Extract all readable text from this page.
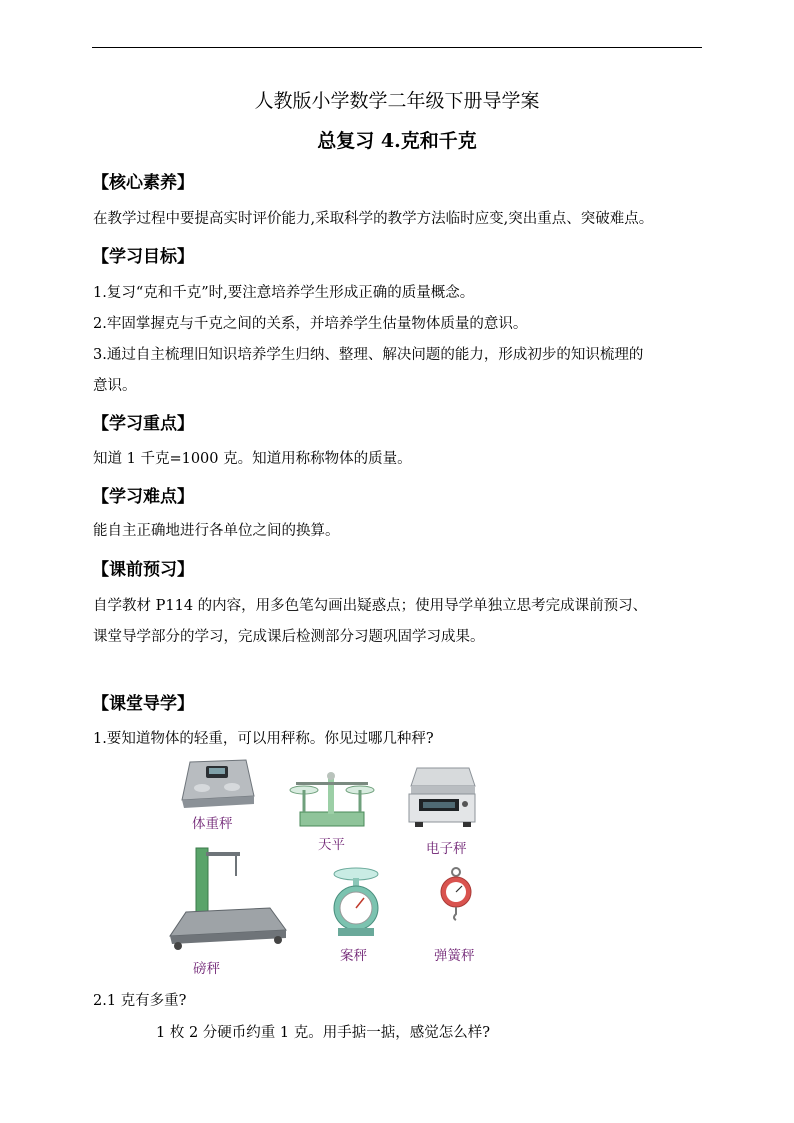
人教版小学数学二年级下册导学案
总复习 4.克和千克
【核心素养】
在教学过程中要提高实时评价能力,采取科学的教学方法临时应变,突出重点、突破难点。
【学习目标】
1.复习“克和千克”时,要注意培养学生形成正确的质量概念。
2.牢固掌握克与千克之间的关系，并培养学生估量物体质量的意识。
3.通过自主梳理旧知识培养学生归纳、整理、解决问题的能力，形成初步的知识梳理的
意识。
【学习重点】
知道 1 千克=1000 克。知道用称称物体的质量。
【学习难点】
能自主正确地进行各单位之间的换算。
【课前预习】
自学教材 P114 的内容，用多色笔勾画出疑惑点；使用导学单独立思考完成课前预习、
课堂导学部分的学习，完成课后检测部分习题巩固学习成果。
【课堂导学】
1.要知道物体的轻重，可以用秤称。你见过哪几种秤?
体重秤
天平	电子秤
磅秤
案秤	弹簧秤
2.1 克有多重?
1 枚 2 分硬币约重 1 克。用手掂一掂，感觉怎么样?
